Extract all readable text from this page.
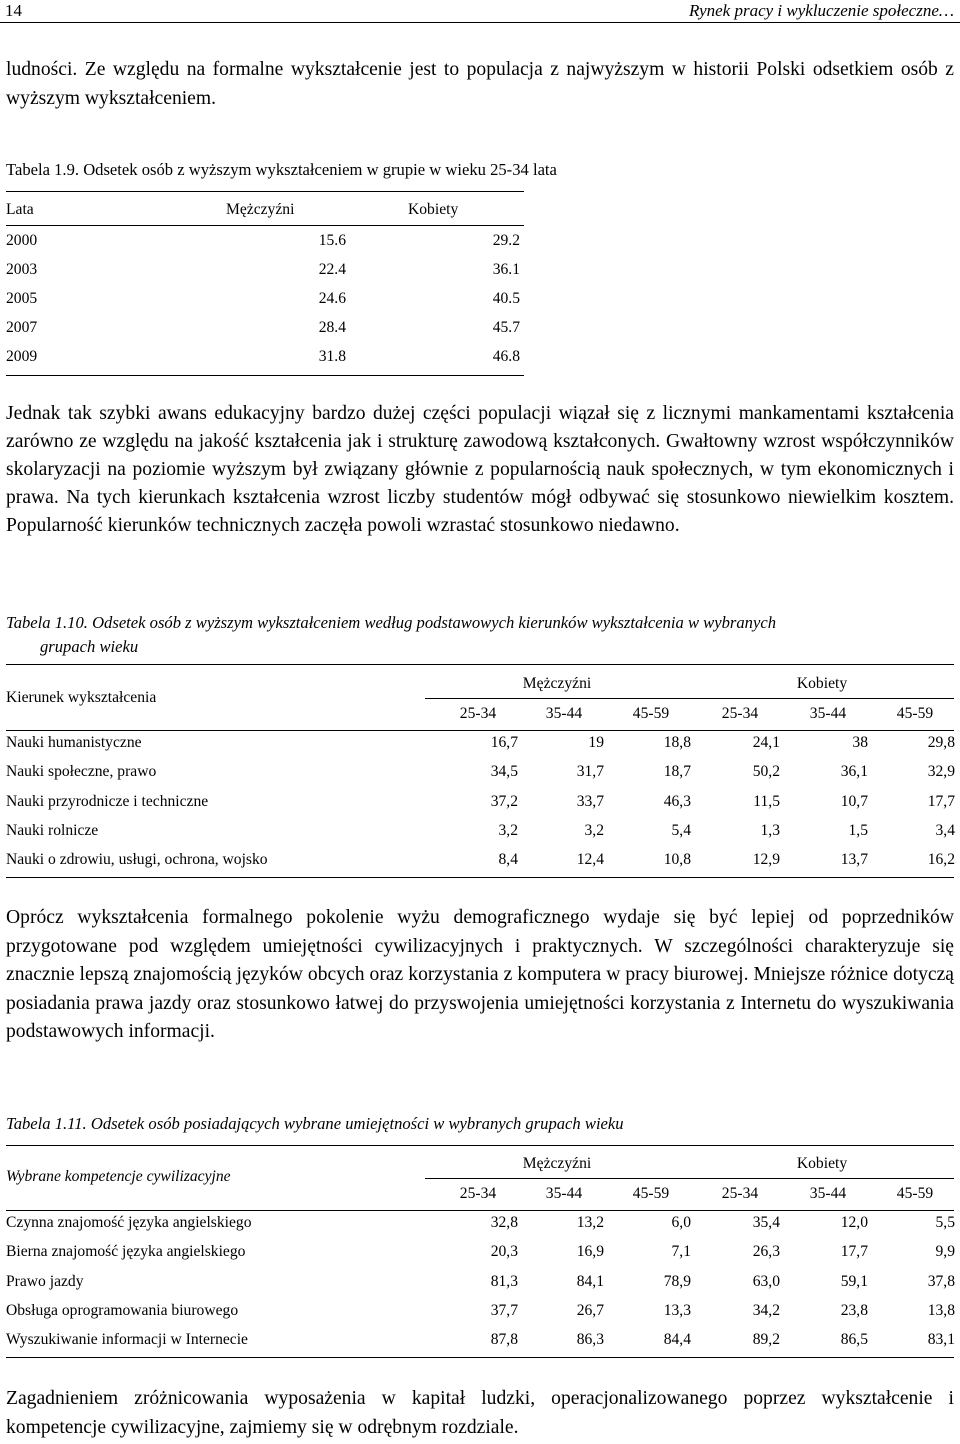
14	Rynek pracy i wykluczenie społeczne…
ludności. Ze względu na formalne wykształcenie jest to populacja z najwyższym w historii Polski odsetkiem osób z wyższym wykształceniem.
Tabela 1.9. Odsetek osób z wyższym wykształceniem w grupie w wieku 25-34 lata
Lata	Mężczyźni	Kobiety
2000	15.6	29.2
2003	22.4	36.1
2005	24.6	40.5
2007	28.4	45.7
2009	31.8	46.8
Jednak tak szybki awans edukacyjny bardzo dużej części populacji wiązał się z licznymi mankamentami kształcenia zarówno ze względu na jakość kształcenia jak i strukturę zawodową kształconych. Gwałtowny wzrost współczynników skolaryzacji na poziomie wyższym był związany głównie z popularnością nauk społecznych, w tym ekonomicznych i prawa. Na tych kierunkach kształcenia wzrost liczby studentów mógł odbywać się stosunkowo niewielkim kosztem. Popularność kierunków technicznych zaczęła powoli wzrastać stosunkowo niedawno.
Tabela 1.10. Odsetek osób z wyższym wykształceniem według podstawowych kierunków wykształcenia w wybranych
grupach wieku
Kierunek wykształcenia
Mężczyźni	Kobiety
25-34	35-44	45-59	25-34	35-44	45-59
Nauki humanistyczne	16,7	19	18,8	24,1	38	29,8
Nauki społeczne, prawo	34,5	31,7	18,7	50,2	36,1	32,9
Nauki przyrodnicze i techniczne	37,2	33,7	46,3	11,5	10,7	17,7
Nauki rolnicze	3,2	3,2	5,4	1,3	1,5	3,4
Nauki o zdrowiu, usługi, ochrona, wojsko	8,4	12,4	10,8	12,9	13,7	16,2
Oprócz wykształcenia formalnego pokolenie wyżu demograficznego wydaje się być lepiej od poprzedników przygotowane pod względem umiejętności cywilizacyjnych i praktycznych. W szczególności charakteryzuje się znacznie lepszą znajomością języków obcych oraz korzystania z komputera w pracy biurowej. Mniejsze różnice dotyczą posiadania prawa jazdy oraz stosunkowo łatwej do przyswojenia umiejętności korzystania z Internetu do wyszukiwania podstawowych informacji.
Tabela 1.11. Odsetek osób posiadających wybrane umiejętności w wybranych grupach wieku
Wybrane kompetencje cywilizacyjne
Mężczyźni	Kobiety
25-34	35-44	45-59	25-34	35-44	45-59
Czynna znajomość języka angielskiego	32,8	13,2	6,0	35,4	12,0	5,5
Bierna znajomość języka angielskiego	20,3	16,9	7,1	26,3	17,7	9,9
Prawo jazdy	81,3	84,1	78,9	63,0	59,1	37,8
Obsługa oprogramowania biurowego	37,7	26,7	13,3	34,2	23,8	13,8
Wyszukiwanie informacji w Internecie	87,8	86,3	84,4	89,2	86,5	83,1
Zagadnieniem zróżnicowania wyposażenia w kapitał ludzki, operacjonalizowanego poprzez wykształcenie i kompetencje cywilizacyjne, zajmiemy się w odrębnym rozdziale.
